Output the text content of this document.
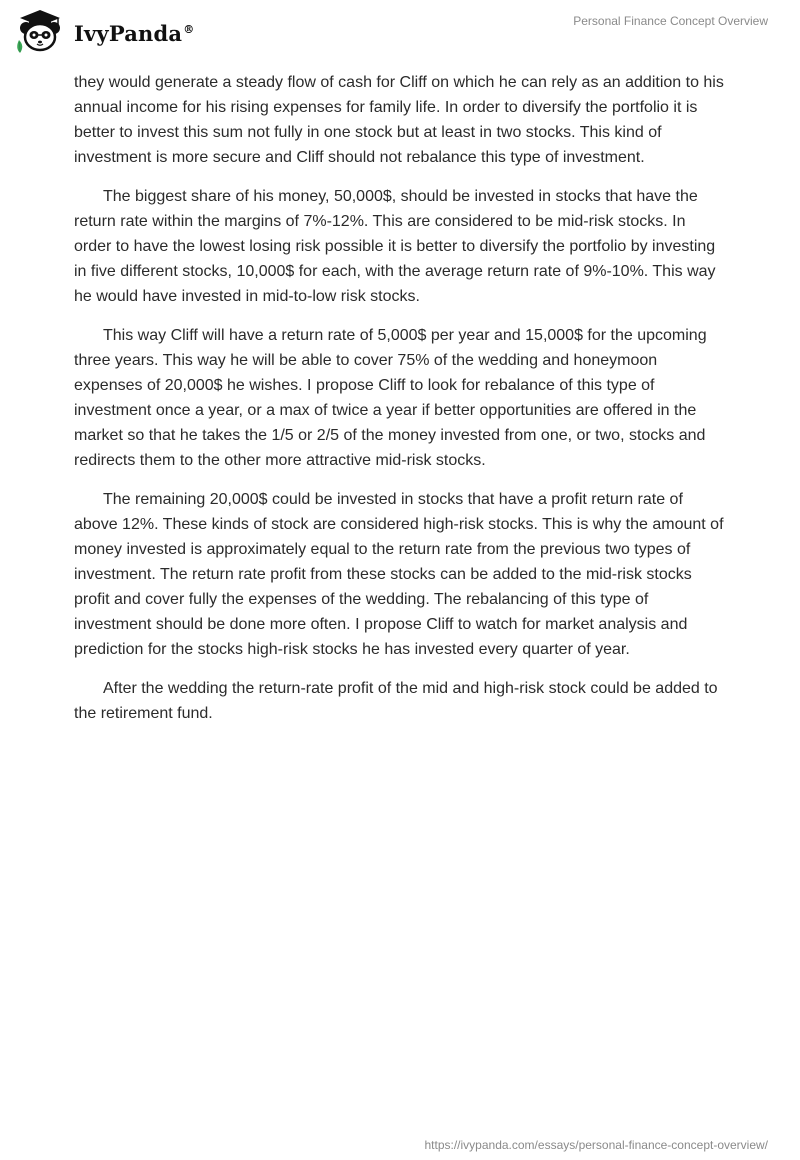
IvyPanda®
Personal Finance Concept Overview

they would generate a steady flow of cash for Cliff on which he can rely as an addition to his annual income for his rising expenses for family life. In order to diversify the portfolio it is better to invest this sum not fully in one stock but at least in two stocks. This kind of investment is more secure and Cliff should not rebalance this type of investment.

The biggest share of his money, 50,000$, should be invested in stocks that have the return rate within the margins of 7%-12%. This are considered to be mid-risk stocks. In order to have the lowest losing risk possible it is better to diversify the portfolio by investing in five different stocks, 10,000$ for each, with the average return rate of 9%-10%. This way he would have invested in mid-to-low risk stocks.

This way Cliff will have a return rate of 5,000$ per year and 15,000$ for the upcoming three years. This way he will be able to cover 75% of the wedding and honeymoon expenses of 20,000$ he wishes. I propose Cliff to look for rebalance of this type of investment once a year, or a max of twice a year if better opportunities are offered in the market so that he takes the 1/5 or 2/5 of the money invested from one, or two, stocks and redirects them to the other more attractive mid-risk stocks.

The remaining 20,000$ could be invested in stocks that have a profit return rate of above 12%. These kinds of stock are considered high-risk stocks. This is why the amount of money invested is approximately equal to the return rate from the previous two types of investment. The return rate profit from these stocks can be added to the mid-risk stocks profit and cover fully the expenses of the wedding. The rebalancing of this type of investment should be done more often. I propose Cliff to watch for market analysis and prediction for the stocks high-risk stocks he has invested every quarter of year.

After the wedding the return-rate profit of the mid and high-risk stock could be added to the retirement fund.

https://ivypanda.com/essays/personal-finance-concept-overview/
